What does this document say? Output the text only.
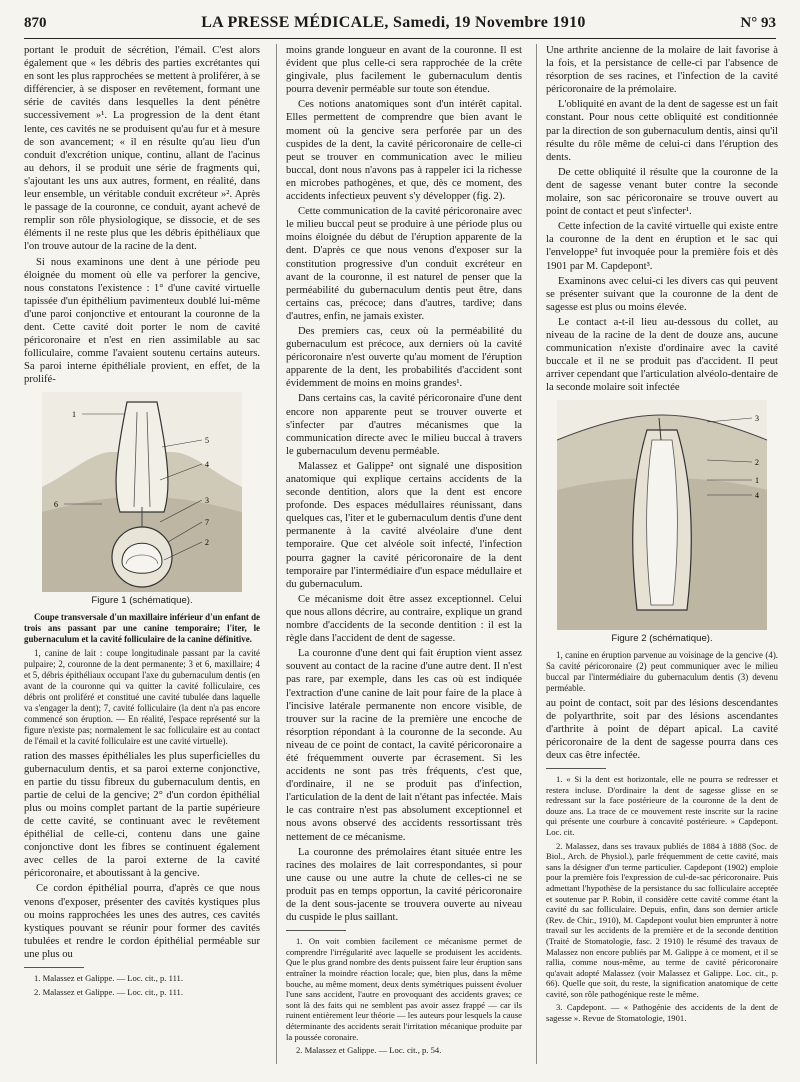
870	LA PRESSE MÉDICALE, Samedi, 19 Novembre 1910	N° 93

portant le produit de sécrétion, l'émail. C'est alors également que « les débris des parties excrétantes qui en sont les plus rapprochées se mettent à proliférer, à se différencier, à se disposer en revêtement, formant une série de cavités dans lesquelles la dent pénètre successivement »¹. La progression de la dent étant lente, ces cavités ne se produisent qu'au fur et à mesure de son avancement; « il en résulte qu'au lieu d'un conduit d'excrétion unique, continu, allant de l'acinus au dehors, il se produit une série de fragments qui, s'ajoutant les uns aux autres, forment, en réalité, dans leur ensemble, un véritable conduit excréteur »². Après le passage de la couronne, ce conduit, ayant achevé de remplir son rôle physiologique, se dissocie, et de ses éléments il ne reste plus que les débris épithéliaux que l'on trouve autour de la racine de la dent.

Si nous examinons une dent à une période peu éloignée du moment où elle va perforer la gencive, nous constatons l'existence : 1° d'une cavité virtuelle tapissée d'un épithélium pavimenteux doublé lui-même d'une paroi conjonctive et entourant la couronne de la dent. Cette cavité doit porter le nom de cavité péricoronaire et n'est en rien assimilable au sac folliculaire, comme l'avaient soutenu certains auteurs. Sa paroi interne épithéliale provient, en effet, de la prolifé-

1
5
4
3
7
2
6
Figure 1 (schématique).

Coupe transversale d'un maxillaire inférieur d'un enfant de trois ans passant par une canine temporaire; l'iter, le gubernaculum et la cavité folliculaire de la canine définitive.

1, canine de lait : coupe longitudinale passant par la cavité pulpaire; 2, couronne de la dent permanente; 3 et 6, maxillaire; 4 et 5, débris épithéliaux occupant l'axe du gubernaculum dentis (en avant de la couronne qui va quitter la cavité folliculaire, ces débris ont proliféré et constitué une cavité tubulée dans laquelle va s'engager la dent); 7, cavité folliculaire (la dent n'a pas encore commencé son éruption. — En réalité, l'espace représenté sur la figure n'existe pas; normalement le sac folliculaire est au contact de l'émail et la cavité folliculaire est une cavité virtuelle).

ration des masses épithéliales les plus superficielles du gubernaculum dentis, et sa paroi externe conjonctive, en partie du tissu fibreux du gubernaculum dentis, en partie de celui de la gencive; 2° d'un cordon épithélial plus ou moins complet partant de la partie supérieure de cette cavité, se continuant avec le revêtement épithélial de celle-ci, contenu dans une gaine conjonctive dont les fibres se continuent également avec celles de la paroi externe de la cavité péricoronaire, et aboutissant à la gencive.

Ce cordon épithélial pourra, d'après ce que nous venons d'exposer, présenter des cavités kystiques plus ou moins rapprochées les unes des autres, ces cavités kystiques pouvant se réunir pour former des cavités tubulées et rendre le cordon épithélial perméable sur une plus ou

1. Malassez et Galippe. — Loc. cit., p. 111.

2. Malassez et Galippe. — Loc. cit., p. 111.

moins grande longueur en avant de la couronne. Il est évident que plus celle-ci sera rapprochée de la crête gingivale, plus facilement le gubernaculum dentis pourra devenir perméable sur toute son étendue.

Ces notions anatomiques sont d'un intérêt capital. Elles permettent de comprendre que bien avant le moment où la gencive sera perforée par un des cuspides de la dent, la cavité péricoronaire de celle-ci peut se trouver en communication avec le milieu buccal, dont nous n'avons pas à rappeler ici la richesse en microbes pathogènes, et que, dès ce moment, des accidents infectieux peuvent s'y développer (fig. 2).

Cette communication de la cavité péricoronaire avec le milieu buccal peut se produire à une période plus ou moins éloignée du début de l'éruption apparente de la dent. D'après ce que nous venons d'exposer sur la constitution progressive d'un conduit excréteur en avant de la couronne, il est naturel de penser que la perméabilité du gubernaculum dentis peut être, dans certains cas, précoce; dans d'autres, tardive; dans d'autres, enfin, ne jamais exister.

Des premiers cas, ceux où la perméabilité du gubernaculum est précoce, aux derniers où la cavité péricoronaire n'est ouverte qu'au moment de l'éruption apparente de la dent, les probabilités d'accident sont évidemment de moins en moins grandes¹.

Dans certains cas, la cavité péricoronaire d'une dent encore non apparente peut se trouver ouverte et s'infecter par d'autres mécanismes que la communication directe avec le milieu buccal à travers le gubernaculum devenu perméable.

Malassez et Galippe² ont signalé une disposition anatomique qui explique certains accidents de la seconde dentition, alors que la dent est encore profonde. Des espaces médullaires réunissant, dans quelques cas, l'iter et le gubernaculum dentis d'une dent permanente à la cavité alvéolaire d'une dent temporaire. Que cet alvéole soit infecté, l'infection pourra gagner la cavité péricoronaire de la dent temporaire par l'intermédiaire d'un espace médullaire et du gubernaculum.

Ce mécanisme doit être assez exceptionnel. Celui que nous allons décrire, au contraire, explique un grand nombre d'accidents de la seconde dentition : il est la règle dans l'accident de dent de sagesse.

La couronne d'une dent qui fait éruption vient assez souvent au contact de la racine d'une autre dent. Il n'est pas rare, par exemple, dans les cas où est indiquée l'extraction d'une canine de lait pour faire de la place à l'incisive latérale permanente non encore visible, de trouver sur la racine de la première une encoche de résorption répondant à la couronne de la seconde. Au niveau de ce point de contact, la cavité péricoronaire a été fréquemment ouverte par écrasement. Si les accidents ne sont pas très fréquents, c'est que, d'ordinaire, il ne se produit pas d'infection, l'articulation de la dent de lait n'étant pas infectée. Mais le cas contraire n'est pas absolument exceptionnel et nous avons observé des accidents ressortissant très nettement de ce mécanisme.

La couronne des prémolaires étant située entre les racines des molaires de lait correspondantes, si pour une cause ou une autre la chute de celles-ci ne se produit pas en temps opportun, la cavité péricoronaire de la dent sous-jacente se trouvera ouverte au niveau du cuspide le plus saillant.

1. On voit combien facilement ce mécanisme permet de comprendre l'irrégularité avec laquelle se produisent les accidents. Que le plus grand nombre des dents puissent faire leur éruption sans entraîner la moindre réaction locale; que, bien plus, dans la même bouche, au même moment, deux dents symétriques puissent évoluer l'une sans accident, l'autre en provoquant des accidents graves; ce sont là des faits qui ne semblent pas avoir assez frappé — car ils ruinent entièrement leur théorie — les auteurs pour lesquels la cause déterminante des accidents serait l'irritation mécanique produite par la poussée coronaire.

2. Malassez et Galippe. — Loc. cit., p. 54.

Une arthrite ancienne de la molaire de lait favorise à la fois, et la persistance de celle-ci par l'absence de résorption de ses racines, et l'infection de la cavité péricoronaire de la prémolaire.

L'obliquité en avant de la dent de sagesse est un fait constant. Pour nous cette obliquité est conditionnée par la direction de son gubernaculum dentis, ainsi qu'il résulte du rôle même de celui-ci dans l'éruption des dents.

De cette obliquité il résulte que la couronne de la dent de sagesse venant buter contre la seconde molaire, son sac péricoronaire se trouve ouvert au point de contact et peut s'infecter¹.

Cette infection de la cavité virtuelle qui existe entre la couronne de la dent en éruption et le sac qui l'enveloppe² fut invoquée pour la première fois et dès 1901 par M. Capdepont³.

Examinons avec celui-ci les divers cas qui peuvent se présenter suivant que la couronne de la dent de sagesse est plus ou moins élevée.

Le contact a-t-il lieu au-dessous du collet, au niveau de la racine de la dent de douze ans, aucune communication n'existe d'ordinaire avec la cavité buccale et il ne se produit pas d'accident. Il peut arriver cependant que l'articulation alvéolo-dentaire de la seconde molaire soit infectée

3
2
1
4
Figure 2 (schématique).

1, canine en éruption parvenue au voisinage de la gencive (4). Sa cavité péricoronaire (2) peut communiquer avec le milieu buccal par l'intermédiaire du gubernaculum dentis (3) devenu perméable.

au point de contact, soit par des lésions descendantes de polyarthrite, soit par des lésions ascendantes d'arthrite à point de départ apical. La cavité péricoronaire de la dent de sagesse pourra dans ces deux cas être infectée.

1. « Si la dent est horizontale, elle ne pourra se redresser et restera incluse. D'ordinaire la dent de sagesse glisse en se redressant sur la face postérieure de la couronne de la dent de douze ans. La trace de ce mouvement reste inscrite sur la racine qui présente une courbure à concavité postérieure. » Capdepont. Loc. cit.

2. Malassez, dans ses travaux publiés de 1884 à 1888 (Soc. de Biol., Arch. de Physiol.), parle fréquemment de cette cavité, mais sans la désigner d'un terme particulier. Capdepont (1902) emploie pour la première fois l'expression de cul-de-sac péricoronaire. Puis admettant l'hypothèse de la persistance du sac folliculaire acceptée et soutenue par P. Robin, il considère cette cavité comme étant la cavité du sac folliculaire. Depuis, enfin, dans son dernier article (Rev. de Chir., 1910), M. Capdepont voulut bien emprunter à notre travail sur les accidents de la première et de la seconde dentition (Traité de Stomatologie, fasc. 2 1910) le résumé des travaux de Malassez non encore publiés par M. Galippe à ce moment, et il se rallia, comme nous-même, au terme de cavité péricoronaire qu'avait adopté Malassez (voir Malassez et Galippe. Loc. cit., p. 66). Quelle que soit, du reste, la signification anatomique de cette cavité, son rôle pathogénique reste le même.

3. Capdepont. — « Pathogénie des accidents de la dent de sagesse ». Revue de Stomatologie, 1901.
